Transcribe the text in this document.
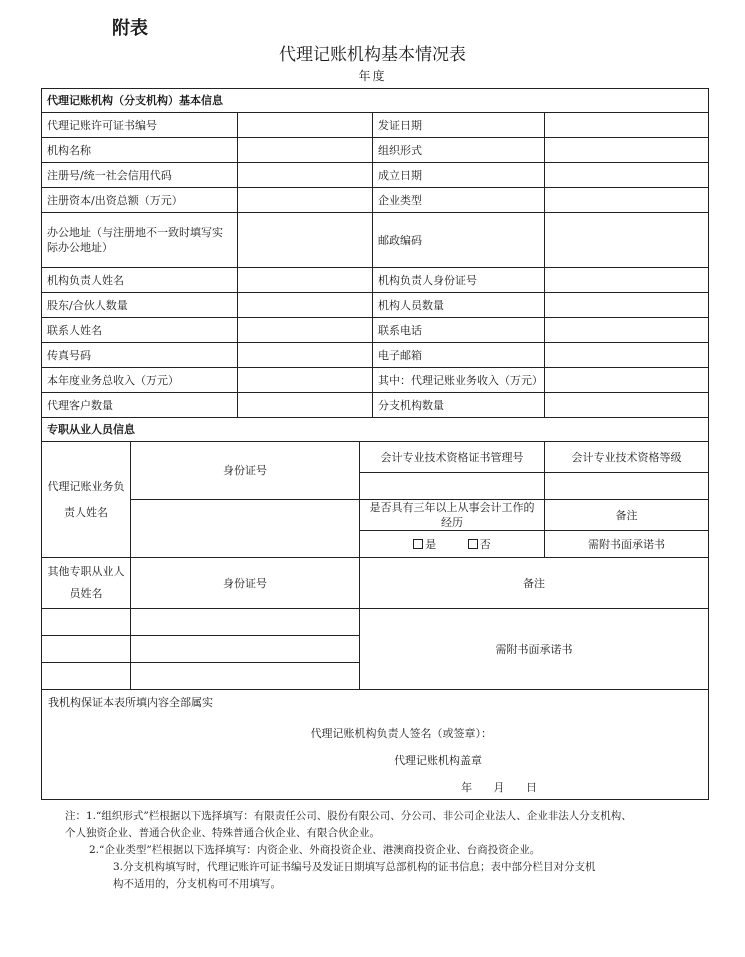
附表
代理记账机构基本情况表
年度
代理记账机构（分支机构）基本信息					
代理记账许可证书编号				发证日期	
机构名称				组织形式	
注册号/统一社会信用代码				成立日期	
注册资本/出资总额（万元）				企业类型	
办公地址（与注册地不一致时填写实际办公地址）				邮政编码	
机构负责人姓名				机构负责人身份证号	
股东/合伙人数量				机构人员数量	
联系人姓名				联系电话	
传真号码				电子邮箱	
本年度业务总收入（万元）				其中：代理记账业务收入（万元）	
代理客户数量				分支机构数量	
专职从业人员信息					
代理记账业务负责人姓名	身份证号		会计专业技术资格证书管理号		会计专业技术资格等级

			是否具有三年以上从事会计工作的经历		备注
			是 否		需附书面承诺书
其他专职从业人员姓名	身份证号		备注		
			需附书面承诺书		

我机构保证本表所填内容全部属实
代理记账机构负责人签名（或签章）：
代理记账机构盖章
年 月 日					

注：1.“组织形式”栏根据以下选择填写：有限责任公司、股份有限公司、分公司、非公司企业法人、企业非法人分支机构、

个人独资企业、普通合伙企业、特殊普通合伙企业、有限合伙企业。

2.“企业类型”栏根据以下选择填写：内资企业、外商投资企业、港澳商投资企业、台商投资企业。

3.分支机构填写时，代理记账许可证书编号及发证日期填写总部机构的证书信息；表中部分栏目对分支机

构不适用的，分支机构可不用填写。
